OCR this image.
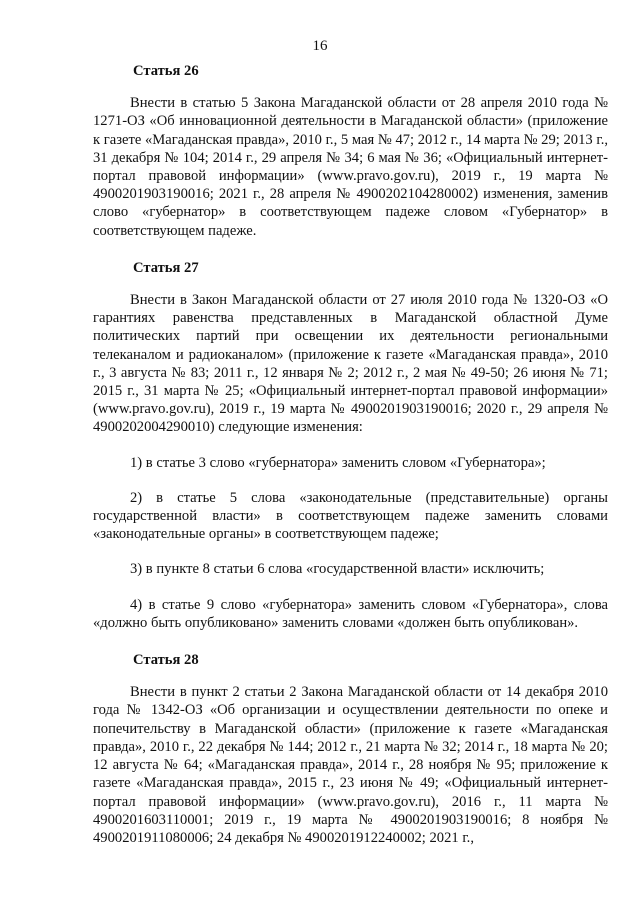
16
Статья 26

Внести в статью 5 Закона Магаданской области от 28 апреля 2010 года № 1271-ОЗ «Об инновационной деятельности в Магаданской области» (приложение к газете «Магаданская правда», 2010 г., 5 мая № 47; 2012 г., 14 марта № 29; 2013 г., 31 декабря № 104; 2014 г., 29 апреля № 34; 6 мая № 36; «Официальный интернет-портал правовой информации» (www.pravo.gov.ru), 2019 г., 19 марта № 4900201903190016; 2021 г., 28 апреля № 4900202104280002) изменения, заменив слово «губернатор» в соответствующем падеже словом «Губернатор» в соответствующем падеже.

Статья 27

Внести в Закон Магаданской области от 27 июля 2010 года № 1320-ОЗ «О гарантиях равенства представленных в Магаданской областной Думе политических партий при освещении их деятельности региональными телеканалом и радиоканалом» (приложение к газете «Магаданская правда», 2010 г., 3 августа № 83; 2011 г., 12 января № 2; 2012 г., 2 мая № 49-50; 26 июня № 71; 2015 г., 31 марта № 25; «Официальный интернет-портал правовой информации» (www.pravo.gov.ru), 2019 г., 19 марта № 4900201903190016; 2020 г., 29 апреля № 4900202004290010) следующие изменения:

1) в статье 3 слово «губернатора» заменить словом «Губернатора»;

2) в статье 5 слова «законодательные (представительные) органы государственной власти» в соответствующем падеже заменить словами «законодательные органы» в соответствующем падеже;

3) в пункте 8 статьи 6 слова «государственной власти» исключить;

4) в статье 9 слово «губернатора» заменить словом «Губернатора», слова «должно быть опубликовано» заменить словами «должен быть опубликован».

Статья 28

Внести в пункт 2 статьи 2 Закона Магаданской области от 14 декабря 2010 года № 1342-ОЗ «Об организации и осуществлении деятельности по опеке и попечительству в Магаданской области» (приложение к газете «Магаданская правда», 2010 г., 22 декабря № 144; 2012 г., 21 марта № 32; 2014 г., 18 марта № 20; 12 августа № 64; «Магаданская правда», 2014 г., 28 ноября № 95; приложение к газете «Магаданская правда», 2015 г., 23 июня № 49; «Официальный интернет-портал правовой информации» (www.pravo.gov.ru), 2016 г., 11 марта № 4900201603110001; 2019 г., 19 марта № 4900201903190016; 8 ноября № 4900201911080006; 24 декабря № 4900201912240002; 2021 г.,
